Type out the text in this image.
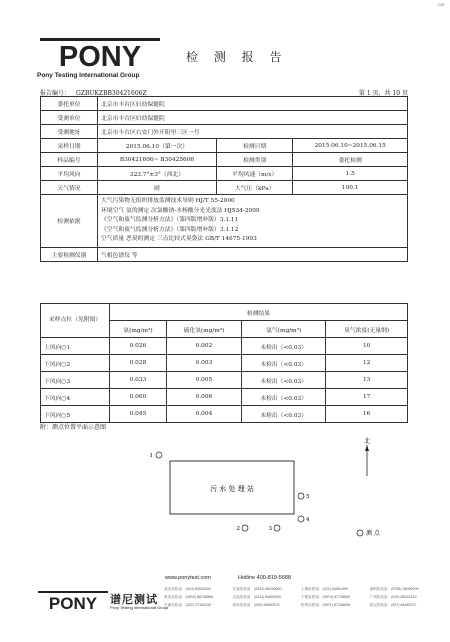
CR
PONY
Pony Testing International Group
检 测 报 告
报告编号： GZBUKZBB30421606Z	第 1 页，共 10 页
委托单位	北京市丰台区妇幼保健院		
受测单位	北京市丰台区妇幼保健院		
受测地址	北京市丰台区右安门外开阳里三区一号		
采样日期	2015.06.10（第一次）	检测日期	2015.06.10~2015.06.15
样品编号	B30421606~ B30425606	检测类别	委托检测
平均风向	323.7°±3°（西北）	平均风速（m/s）	1.5
天气情况	晴	大气压（kPa）	100.1
检测依据	大气污染物无组织排放监测技术导则 HJ/T 55-2000
环境空气 氨的测定 次氯酸钠-水杨酸分光光度法 HJ534-2009
《空气和废气监测分析方法》（第四版增补版）3.1.11
《空气和废气监测分析方法》（第四版增补版）3.1.12
空气质量 恶臭的测定 三点比较式臭袋法 GB/T 14675-1993		

主要检测仪器	气相色谱仪 等		
采样点位（见附图）	检测结果			
	氨(mg/m³)	硫化氢(mg/m³)	氯气(mg/m³)	臭气浓度(无量纲)
上风向○1	0.026	0.002	未检出（<0.03）	10
下风向○2	0.028	0.003	未检出（<0.03）	12
下风向○3	0.033	0.005	未检出（<0.03）	13
下风向○4	0.060	0.006	未检出（<0.03）	17
下风向○5	0.045	0.004	未检出（<0.03）	16
附：测点位置平面示意图
北
1
污 水 处 理 站
5
4
2	3
测 点
www.ponytest.com	Hotline 400-819-5688
PONY 谱尼测试
Pony Testing International Group
北京实验室：(010) 83055000	长春实验室：(0431) 85155000	上海实验室：(021) 64851999	深圳实验室：(0755) 26050909
青岛实验室：(0532) 88706866	大连实验室：(0411) 84600920	宁波实验室：(0574) 87736890	广州实验室：(020) 89224310
天津实验室：(022) 27349130	西安实验室：(029) 84500676	杭州实验室：(0571) 87238696	武汉实验室：(027) 84989727
